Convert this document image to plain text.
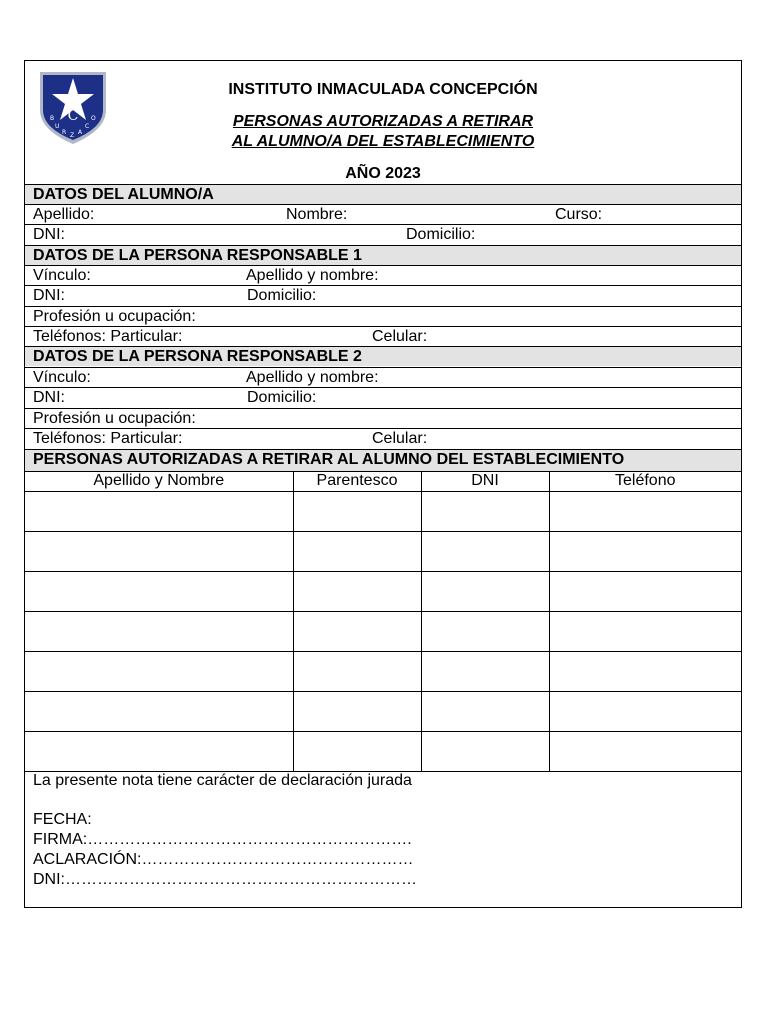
C
B
U
R Z A
C
O
INSTITUTO INMACULADA CONCEPCIÓN
PERSONAS AUTORIZADAS A RETIRAR
AL ALUMNO/A DEL ESTABLECIMIENTO
AÑO 2023
DATOS DEL ALUMNO/A
Apellido:	Nombre:	Curso:
DNI:	Domicilio:
DATOS DE LA PERSONA RESPONSABLE 1
Vínculo:	Apellido y nombre:
DNI:	Domicilio:
Profesión u ocupación:
Teléfonos: Particular:	Celular:
DATOS DE LA PERSONA RESPONSABLE 2
Vínculo:	Apellido y nombre:
DNI:	Domicilio:
Profesión u ocupación:
Teléfonos: Particular:	Celular:
PERSONAS AUTORIZADAS A RETIRAR AL ALUMNO DEL ESTABLECIMIENTO
Apellido y Nombre	Parentesco	DNI	Teléfono

La presente nota tiene carácter de declaración jurada
FECHA:
FIRMA:…………………………………………………….
ACLARACIÓN:……………………………………………
DNI:…………………………………………………………
